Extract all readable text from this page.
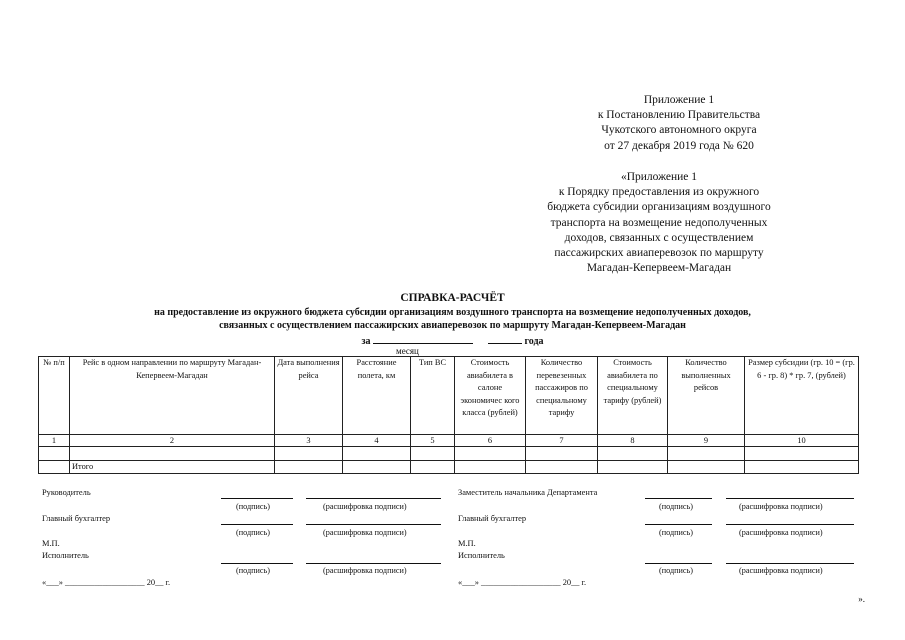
Приложение 1
к Постановлению Правительства
Чукотского автономного округа
от 27 декабря 2019 года № 620
«Приложение 1
к Порядку предоставления из окружного
бюджета субсидии организациям воздушного
транспорта на возмещение недополученных
доходов, связанных с осуществлением
пассажирских авиаперевозок по маршруту
Магадан-Кепервеем-Магадан
СПРАВКА-РАСЧЁТ
на предоставление из окружного бюджета субсидии организациям воздушного транспорта на возмещение недополученных доходов,
связанных с осуществлением пассажирских авиаперевозок по маршруту Магадан-Кепервеем-Магадан
за	года
месяц
№ п/п	Рейс в одном направлении по маршруту Магадан-Кепервеем-Магадан	Дата выполнения рейса	Расстояние полета, км	Тип ВС	Стоимость авиабилета в салоне экономичес кого класса (рублей)	Количество перевезенных пассажиров по специальному тарифу	Стоимость авиабилета по специальному тарифу (рублей)	Количество выполненных рейсов	Размер субсидии (гр. 10 = (гр. 6 - гр. 8) * гр. 7, (рублей)
1	2	3	4	5	6	7	8	9	10

	Итого								
Руководитель
(подпись)	(расшифровка подписи)
Главный бухгалтер
(подпись)	(расшифровка подписи)
М.П.
Исполнитель
(подпись)	(расшифровка подписи)
«___» ___________________ 20__ г.
Заместитель начальника Департамента
(подпись)	(расшифровка подписи)
Главный бухгалтер
(подпись)	(расшифровка подписи)
М.П.
Исполнитель
(подпись)	(расшифровка подписи)
«___» ___________________ 20__ г.
».
